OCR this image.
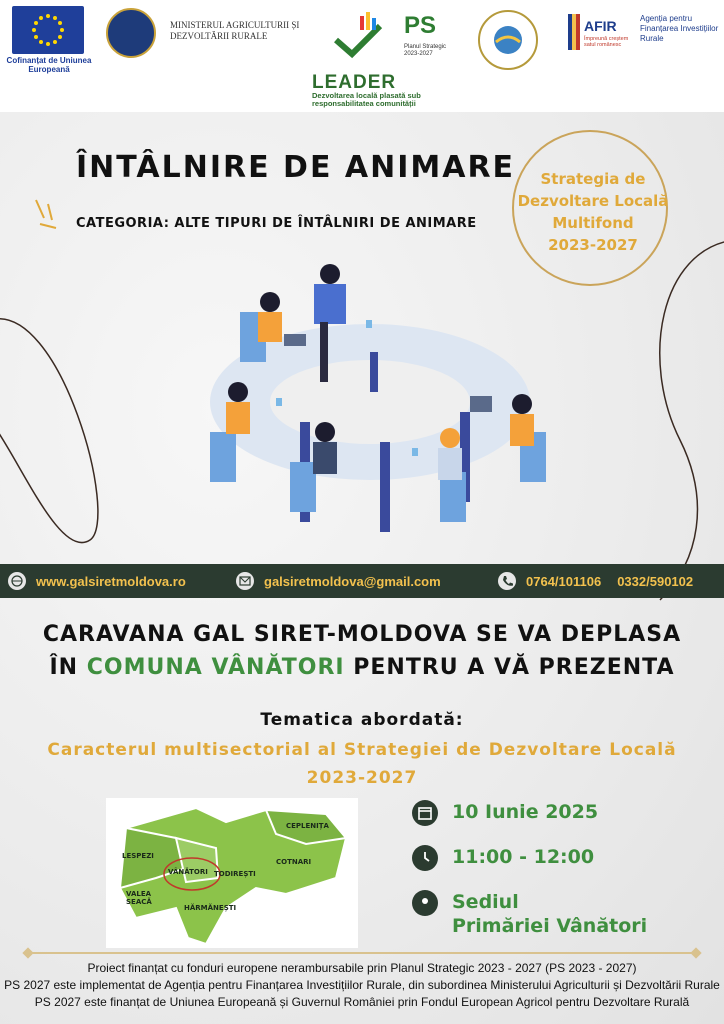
Cofinanțat de Uniunea Europeană
MINISTERUL AGRICULTURII ȘI DEZVOLTĂRII RURALE	PS
Planul Strategic 2023-2027
LEADER
Dezvoltarea locală plasată sub responsabilitatea comunității
AFIR
Împreună creștem satul românesc
Agenția pentru Finanțarea Investițiilor Rurale
ÎNTÂLNIRE DE ANIMARE
CATEGORIA: ALTE TIPURI DE ÎNTÂLNIRI DE ANIMARE
Strategia de
Dezvoltare Locală
Multifond
2023-2027
www.galsiretmoldova.ro	galsiretmoldova@gmail.com	0764/101106 0332/590102
CARAVANA GAL SIRET-MOLDOVA SE VA DEPLASA
ÎN COMUNA VÂNĂTORI PENTRU A VĂ PREZENTA
Tematica abordată:
Caracterul multisectorial al Strategiei de Dezvoltare Locală
2023-2027
CEPLENIȚA
LESPEZI
VÂNĂTORI TODIREȘTI
COTNARI
VALEA SEACĂ
HĂRMĂNEȘTI
10 Iunie 2025
11:00 - 12:00
Sediul
Primăriei Vânători
Proiect finanțat cu fonduri europene nerambursabile prin Planul Strategic 2023 - 2027 (PS 2023 - 2027)
PS 2027 este implementat de Agenția pentru Finanțarea Investițiilor Rurale, din subordinea Ministerului Agriculturii și Dezvoltării Rurale
PS 2027 este finanțat de Uniunea Europeană și Guvernul României prin Fondul European Agricol pentru Dezvoltare Rurală
